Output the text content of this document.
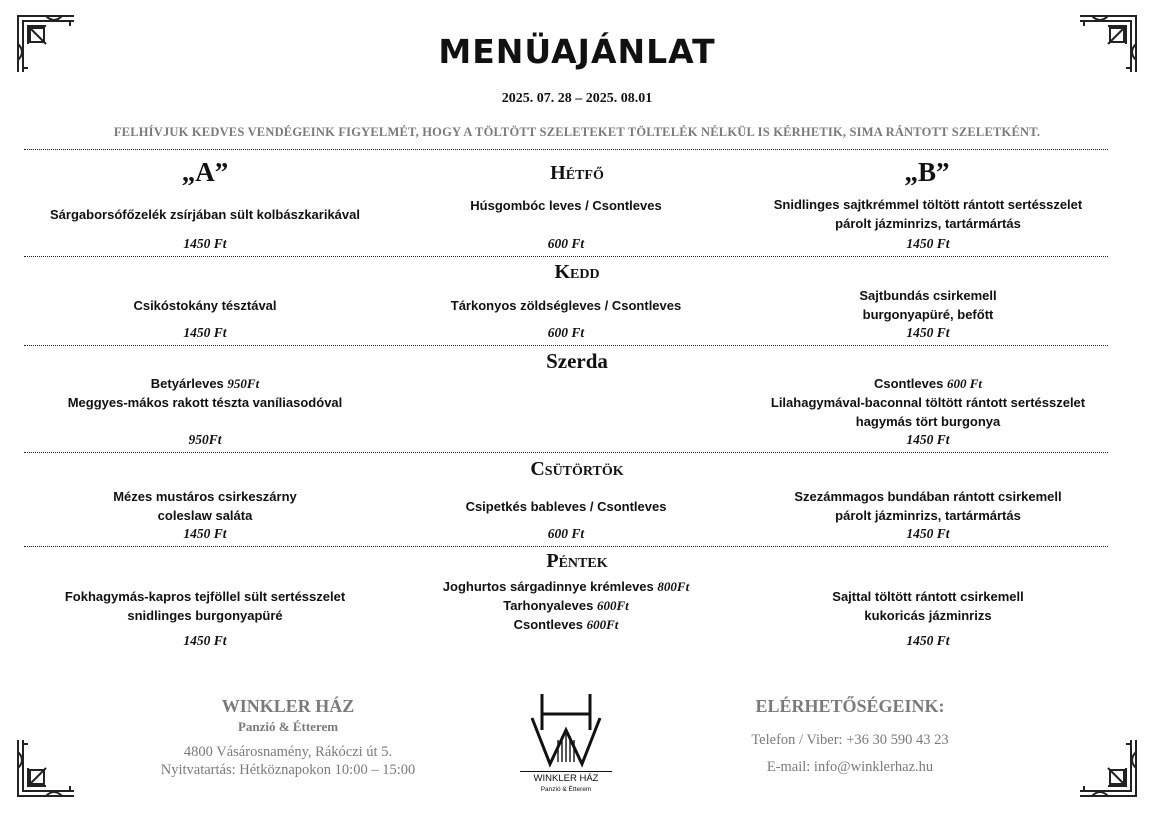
MENÜAJÁNLAT
2025. 07. 28 – 2025. 08.01
FELHÍVJUK KEDVES VENDÉGEINK FIGYELMÉT, HOGY A TÖLTÖTT SZELETEKET TÖLTELÉK NÉLKÜL IS KÉRHETIK, SIMA RÁNTOTT SZELETKÉNT.
„A”	„B”
Hétfő
Sárgaborsófőzelék zsírjában sült kolbászkarikával
1450 Ft
Húsgombóc leves / Csontleves
600 Ft
Snidlinges sajtkrémmel töltött rántott sertésszelet
párolt jázminrizs, tartármártás
1450 Ft
Kedd
Csikóstokány tésztával
1450 Ft
Tárkonyos zöldségleves / Csontleves
600 Ft
Sajtbundás csirkemell
burgonyapüré, befőtt
1450 Ft
Szerda
Betyárleves 950Ft
Meggyes-mákos rakott tészta vaníliasodóval
950Ft
Csontleves 600 Ft
Lilahagymával-baconnal töltött rántott sertésszelet
hagymás tört burgonya
1450 Ft
Csütörtök
Mézes mustáros csirkeszárny
coleslaw saláta
1450 Ft
Csipetkés bableves / Csontleves
600 Ft
Szezámmagos bundában rántott csirkemell
párolt jázminrizs, tartármártás
1450 Ft
Péntek
Fokhagymás-kapros tejföllel sült sertésszelet
snidlinges burgonyapüré
1450 Ft
Joghurtos sárgadinnye krémleves 800Ft
Tarhonyaleves 600Ft
Csontleves 600Ft
Sajttal töltött rántott csirkemell
kukoricás jázminrizs
1450 Ft
WINKLER HÁZ
Panzió & Étterem
4800 Vásárosnamény, Rákóczi út 5.
Nyitvatartás: Hétköznapokon 10:00 – 15:00
WINKLER HÁZ
Panzió & Étterem
ELÉRHETŐSÉGEINK:
Telefon / Viber: +36 30 590 43 23
E-mail: info@winklerhaz.hu
